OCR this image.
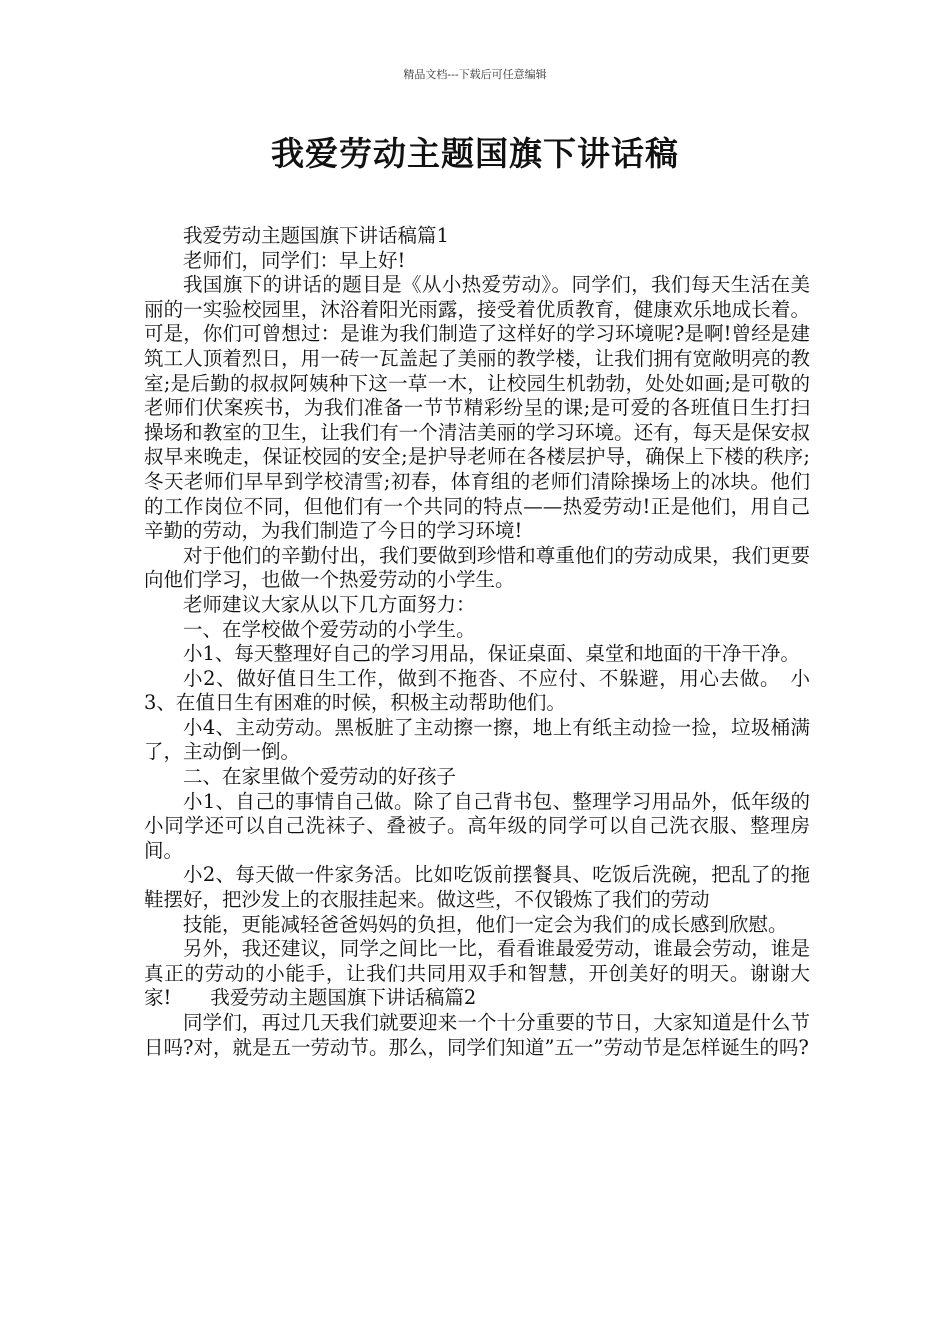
精品文档---下载后可任意编辑
我爱劳动主题国旗下讲话稿

我爱劳动主题国旗下讲话稿篇1

老师们，同学们：早上好!

我国旗下的讲话的题目是《从小热爱劳动》。同学们，我们每天生活在美丽的一实验校园里，沐浴着阳光雨露，接受着优质教育，健康欢乐地成长着。可是，你们可曾想过：是谁为我们制造了这样好的学习环境呢?是啊!曾经是建筑工人顶着烈日，用一砖一瓦盖起了美丽的教学楼，让我们拥有宽敞明亮的教室;是后勤的叔叔阿姨种下这一草一木，让校园生机勃勃，处处如画;是可敬的老师们伏案疾书，为我们准备一节节精彩纷呈的课;是可爱的各班值日生打扫操场和教室的卫生，让我们有一个清洁美丽的学习环境。还有，每天是保安叔叔早来晚走，保证校园的安全;是护导老师在各楼层护导，确保上下楼的秩序;冬天老师们早早到学校清雪;初春，体育组的老师们清除操场上的冰块。他们的工作岗位不同，但他们有一个共同的特点——热爱劳动!正是他们，用自己辛勤的劳动，为我们制造了今日的学习环境!

对于他们的辛勤付出，我们要做到珍惜和尊重他们的劳动成果，我们更要向他们学习，也做一个热爱劳动的小学生。

老师建议大家从以下几方面努力：

一、在学校做个爱劳动的小学生。

小1、每天整理好自己的学习用品，保证桌面、桌堂和地面的干净干净。

小2、做好值日生工作，做到不拖沓、不应付、不躲避，用心去做。　小3、在值日生有困难的时候，积极主动帮助他们。

小4、主动劳动。黑板脏了主动擦一擦，地上有纸主动捡一捡，垃圾桶满了，主动倒一倒。

二、在家里做个爱劳动的好孩子

小1、自己的事情自己做。除了自己背书包、整理学习用品外，低年级的小同学还可以自己洗袜子、叠被子。高年级的同学可以自己洗衣服、整理房间。

小2、每天做一件家务活。比如吃饭前摆餐具、吃饭后洗碗，把乱了的拖鞋摆好，把沙发上的衣服挂起来。做这些，不仅锻炼了我们的劳动

技能，更能减轻爸爸妈妈的负担，他们一定会为我们的成长感到欣慰。

另外，我还建议，同学之间比一比，看看谁最爱劳动，谁最会劳动，谁是真正的劳动的小能手，让我们共同用双手和智慧，开创美好的明天。谢谢大家!　　我爱劳动主题国旗下讲话稿篇2

同学们，再过几天我们就要迎来一个十分重要的节日，大家知道是什么节日吗?对，就是五一劳动节。那么，同学们知道”五一”劳动节是怎样诞生的吗?
